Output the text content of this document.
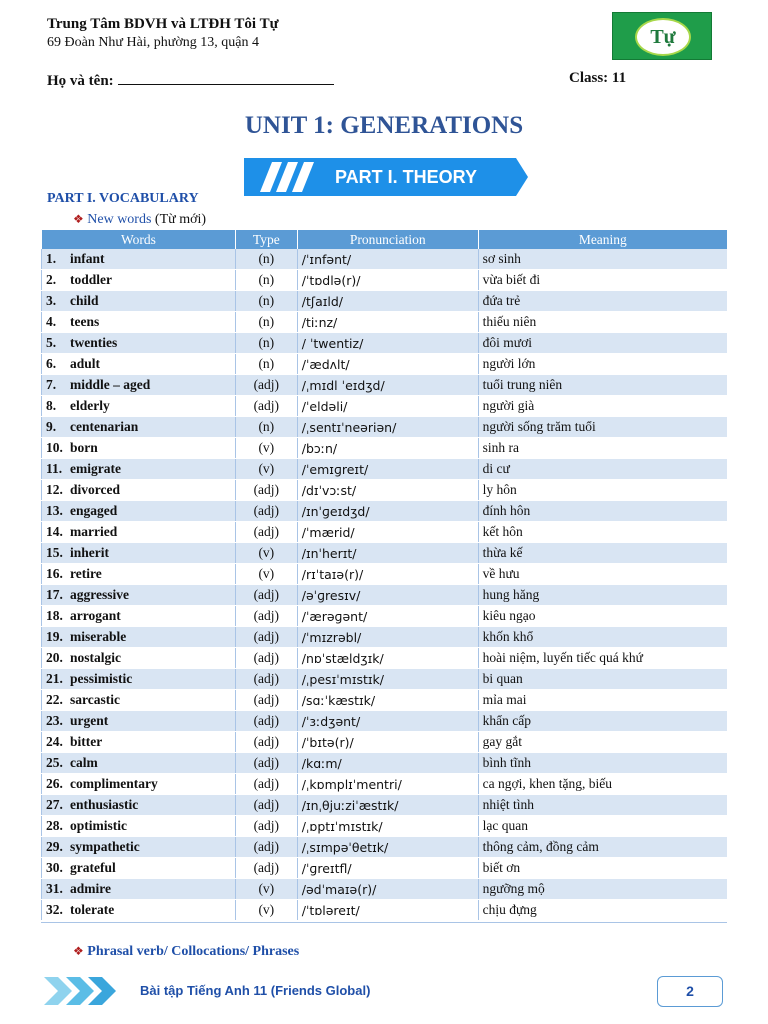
Trung Tâm BDVH và LTĐH Tôi Tự
69 Đoàn Như Hài, phường 13, quận 4	Tự
Họ và tên:	Class: 11
UNIT 1: GENERATIONS
PART I. THEORY
PART I. VOCABULARY
❖ New words (Từ mới)
Words	Type	Pronunciation	Meaning
1. infant	(n)	/ˈɪnfənt/	sơ sinh
2. toddler	(n)	/ˈtɒdlə(r)/	vừa biết đi
3. child	(n)	/tʃaɪld/	đứa trẻ
4. teens	(n)	/tiːnz/	thiếu niên
5. twenties	(n)	/ ˈtwentiz/	đôi mươi
6. adult	(n)	/ˈædʌlt/	người lớn
7. middle – aged	(adj)	/ˌmɪdl ˈeɪdʒd/	tuổi trung niên
8. elderly	(adj)	/ˈeldəli/	người già
9. centenarian	(n)	/ˌsentɪˈneəriən/	người sống trăm tuổi
10. born	(v)	/bɔːn/	sinh ra
11. emigrate	(v)	/ˈemɪɡreɪt/	di cư
12. divorced	(adj)	/dɪˈvɔːst/	ly hôn
13. engaged	(adj)	/ɪnˈɡeɪdʒd/	đính hôn
14. married	(adj)	/ˈmærid/	kết hôn
15. inherit	(v)	/ɪnˈherɪt/	thừa kế
16. retire	(v)	/rɪˈtaɪə(r)/	về hưu
17. aggressive	(adj)	/əˈɡresɪv/	hung hăng
18. arrogant	(adj)	/ˈærəɡənt/	kiêu ngạo
19. miserable	(adj)	/ˈmɪzrəbl/	khốn khổ
20. nostalgic	(adj)	/nɒˈstældʒɪk/	hoài niệm, luyến tiếc quá khứ
21. pessimistic	(adj)	/ˌpesɪˈmɪstɪk/	bi quan
22. sarcastic	(adj)	/sɑːˈkæstɪk/	mỉa mai
23. urgent	(adj)	/ˈɜːdʒənt/	khẩn cấp
24. bitter	(adj)	/ˈbɪtə(r)/	gay gắt
25. calm	(adj)	/kɑːm/	bình tĩnh
26. complimentary	(adj)	/ˌkɒmplɪˈmentri/	ca ngợi, khen tặng, biếu
27. enthusiastic	(adj)	/ɪnˌθjuːziˈæstɪk/	nhiệt tình
28. optimistic	(adj)	/ˌɒptɪˈmɪstɪk/	lạc quan
29. sympathetic	(adj)	/ˌsɪmpəˈθetɪk/	thông cảm, đồng cảm
30. grateful	(adj)	/ˈɡreɪtfl/	biết ơn
31. admire	(v)	/ədˈmaɪə(r)/	ngưỡng mộ
32. tolerate	(v)	/ˈtɒləreɪt/	chịu đựng
❖ Phrasal verb/ Collocations/ Phrases
Bài tập Tiếng Anh 11 (Friends Global)	2
